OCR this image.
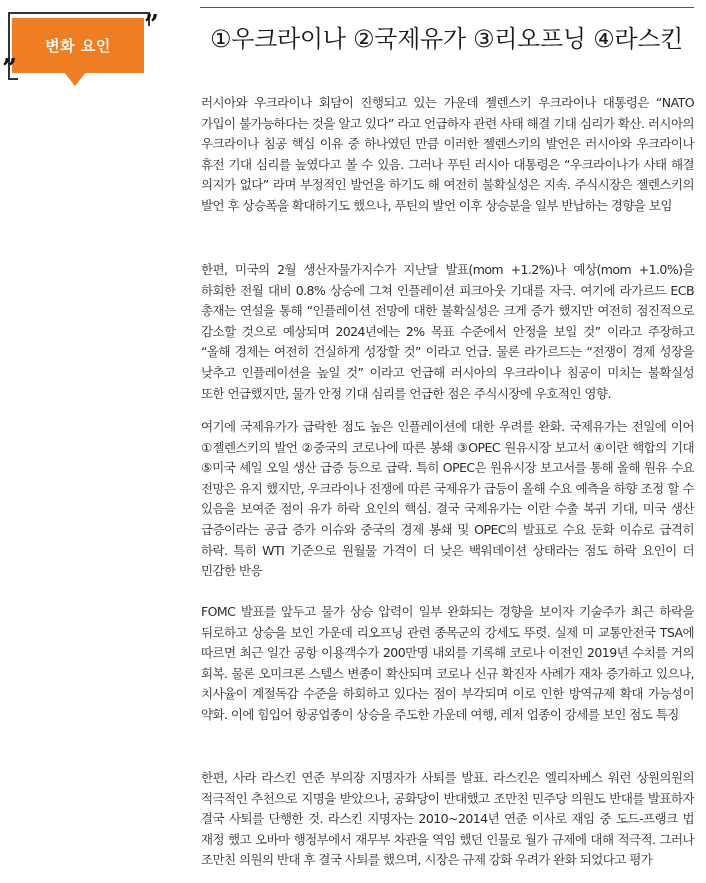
변화 요인
”
”
①우크라이나 ②국제유가 ③리오프닝 ④라스킨

러시아와 우크라이나 회담이 진행되고 있는 가운데 젤렌스키 우크라이나 대통령은 “NATO 가입이 불가능하다는 것을 알고 있다” 라고 언급하자 관련 사태 해결 기대 심리가 확산. 러시아의 우크라이나 침공 핵심 이유 중 하나였던 만큼 이러한 젤렌스키의 발언은 러시아와 우크라이나 휴전 기대 심리를 높였다고 볼 수 있음. 그러나 푸틴 러시아 대통령은 “우크라이나가 사태 해결 의지가 없다” 라며 부정적인 발언을 하기도 해 여전히 불확실성은 지속. 주식시장은 젤렌스키의 발언 후 상승폭을 확대하기도 했으나, 푸틴의 발언 이후 상승분을 일부 반납하는 경향을 보임

한편, 미국의 2월 생산자물가지수가 지난달 발표(mom +1.2%)나 예상(mom +1.0%)을 하회한 전월 대비 0.8% 상승에 그쳐 인플레이션 피크아웃 기대를 자극. 여기에 라가르드 ECB 총재는 연설을 통해 “인플레이션 전망에 대한 불확실성은 크게 증가 했지만 여전히 점진적으로 감소할 것으로 예상되며 2024년에는 2% 목표 수준에서 안정을 보일 것” 이라고 주장하고 “올해 경제는 여전히 건실하게 성장할 것” 이라고 언급. 물론 라가르드는 “전쟁이 경제 성장을 낮추고 인플레이션을 높일 것” 이라고 언급해 러시아의 우크라이나 침공이 미치는 불확실성 또한 언급했지만, 물가 안정 기대 심리를 언급한 점은 주식시장에 우호적인 영향.

여기에 국제유가가 급락한 점도 높은 인플레이션에 대한 우려를 완화. 국제유가는 전일에 이어 ①젤렌스키의 발언 ②중국의 코로나에 따른 봉쇄 ③OPEC 원유시장 보고서 ④이란 핵합의 기대 ⑤미국 셰일 오일 생산 급증 등으로 급락. 특히 OPEC은 원유시장 보고서를 통해 올해 원유 수요 전망은 유지 했지만, 우크라이나 전쟁에 따른 국제유가 급등이 올해 수요 예측을 하향 조정 할 수 있음을 보여준 점이 유가 하락 요인의 핵심. 결국 국제유가는 이란 수출 복귀 기대, 미국 생산 급증이라는 공급 증가 이슈와 중국의 경제 봉쇄 및 OPEC의 발표로 수요 둔화 이슈로 급격히 하락. 특히 WTI 기준으로 원월물 가격이 더 낮은 백워데이션 상태라는 점도 하락 요인이 더 민감한 반응

FOMC 발표를 앞두고 물가 상승 압력이 일부 완화되는 경향을 보이자 기술주가 최근 하락을 뒤로하고 상승을 보인 가운데 리오프닝 관련 종목군의 강세도 뚜렷. 실제 미 교통안전국 TSA에 따르면 최근 일간 공항 이용객수가 200만명 내외를 기록해 코로나 이전인 2019년 수치를 거의 회복. 물론 오미크론 스텔스 변종이 확산되며 코로나 신규 확진자 사례가 재차 증가하고 있으나, 치사율이 계절독감 수준을 하회하고 있다는 점이 부각되며 이로 인한 방역규제 확대 가능성이 약화. 이에 힘입어 항공업종이 상승을 주도한 가운데 여행, 레저 업종이 강세를 보인 점도 특징

한편, 사라 라스킨 연준 부의장 지명자가 사퇴를 발표. 라스킨은 엘리자베스 워런 상원의원의 적극적인 추천으로 지명을 받았으나, 공화당이 반대했고 조만친 민주당 의원도 반대를 발표하자 결국 사퇴를 단행한 것. 라스킨 지명자는 2010~2014년 연준 이사로 재임 중 도드-프랭크 법 재정 했고 오바마 행정부에서 재무부 차관을 역임 했던 인물로 월가 규제에 대해 적극적. 그러나 조만친 의원의 반대 후 결국 사퇴를 했으며, 시장은 규제 강화 우려가 완화 되었다고 평가
